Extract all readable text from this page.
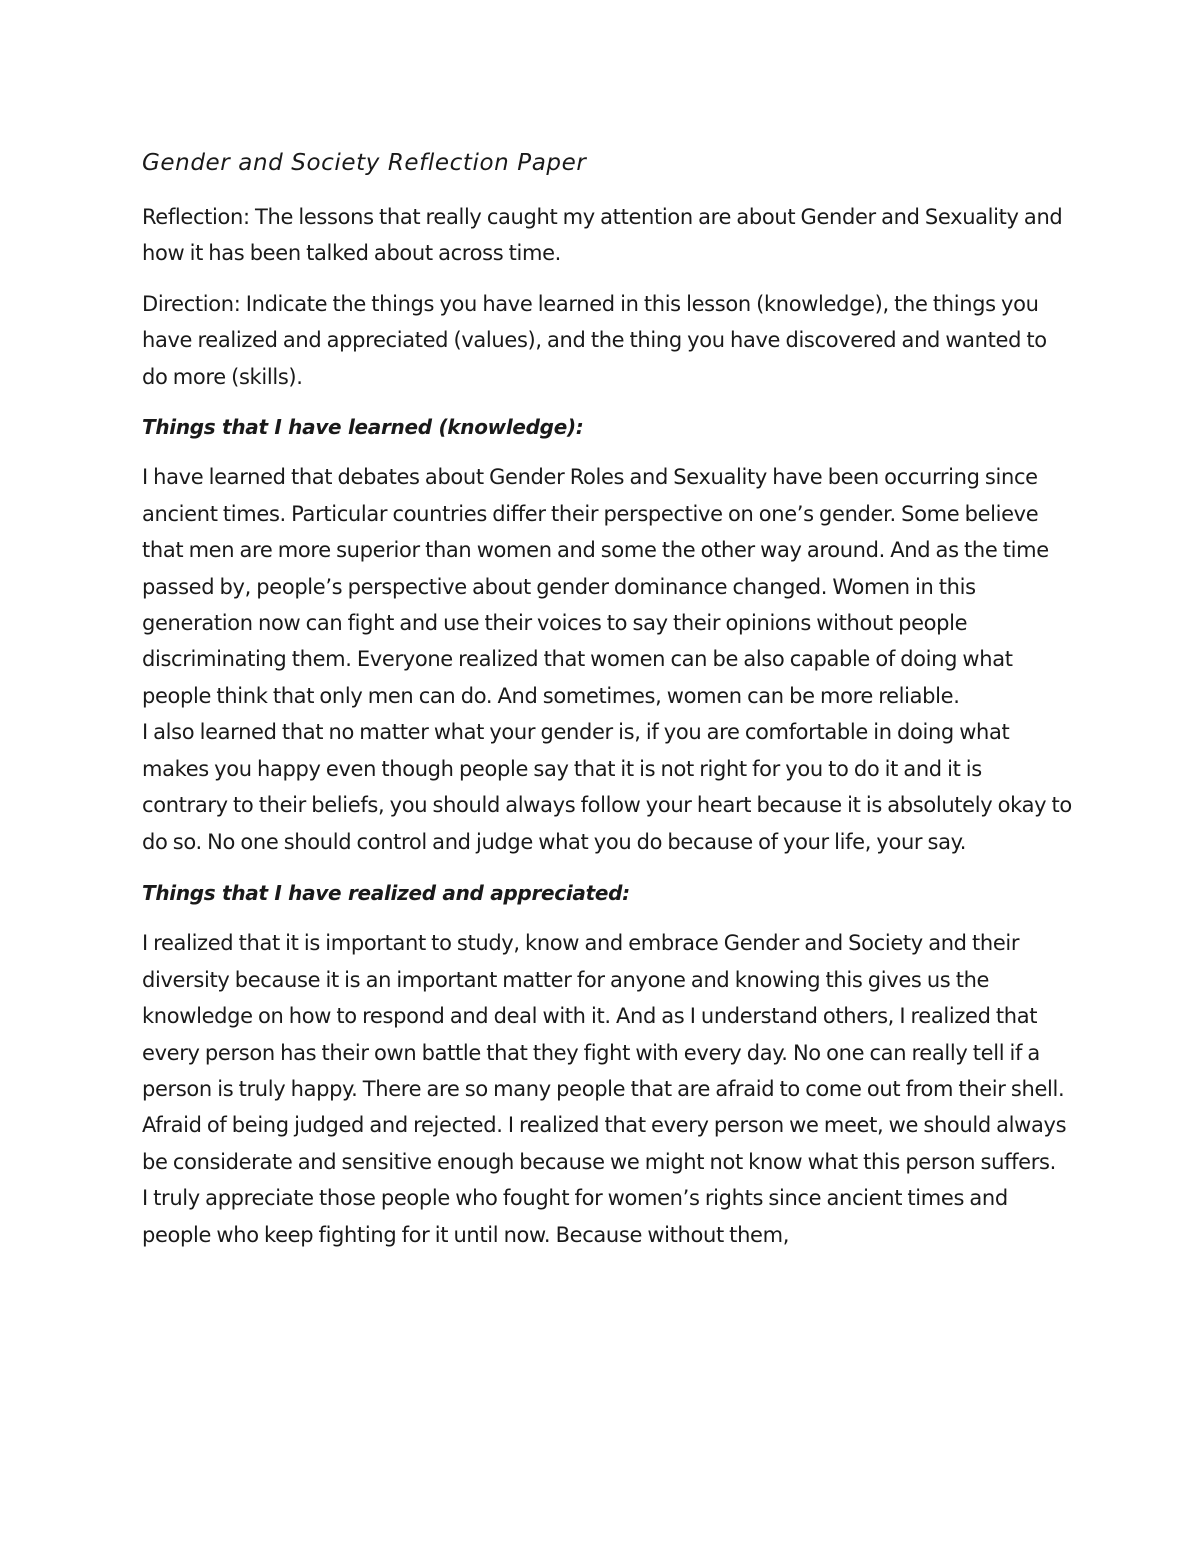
Gender and Society Reflection Paper

Reflection: The lessons that really caught my attention are about Gender and Sexuality and how it has been talked about across time.

Direction: Indicate the things you have learned in this lesson (knowledge), the things you have realized and appreciated (values), and the thing you have discovered and wanted to do more (skills).

Things that I have learned (knowledge):

I have learned that debates about Gender Roles and Sexuality have been occurring since ancient times. Particular countries differ their perspective on one’s gender. Some believe that men are more superior than women and some the other way around. And as the time passed by, people’s perspective about gender dominance changed. Women in this generation now can fight and use their voices to say their opinions without people discriminating them. Everyone realized that women can be also capable of doing what people think that only men can do. And sometimes, women can be more reliable.

I also learned that no matter what your gender is, if you are comfortable in doing what makes you happy even though people say that it is not right for you to do it and it is contrary to their beliefs, you should always follow your heart because it is absolutely okay to do so. No one should control and judge what you do because of your life, your say.

Things that I have realized and appreciated:

I realized that it is important to study, know and embrace Gender and Society and their diversity because it is an important matter for anyone and knowing this gives us the knowledge on how to respond and deal with it. And as I understand others, I realized that every person has their own battle that they fight with every day. No one can really tell if a person is truly happy. There are so many people that are afraid to come out from their shell. Afraid of being judged and rejected. I realized that every person we meet, we should always be considerate and sensitive enough because we might not know what this person suffers.

I truly appreciate those people who fought for women’s rights since ancient times and people who keep fighting for it until now. Because without them,
